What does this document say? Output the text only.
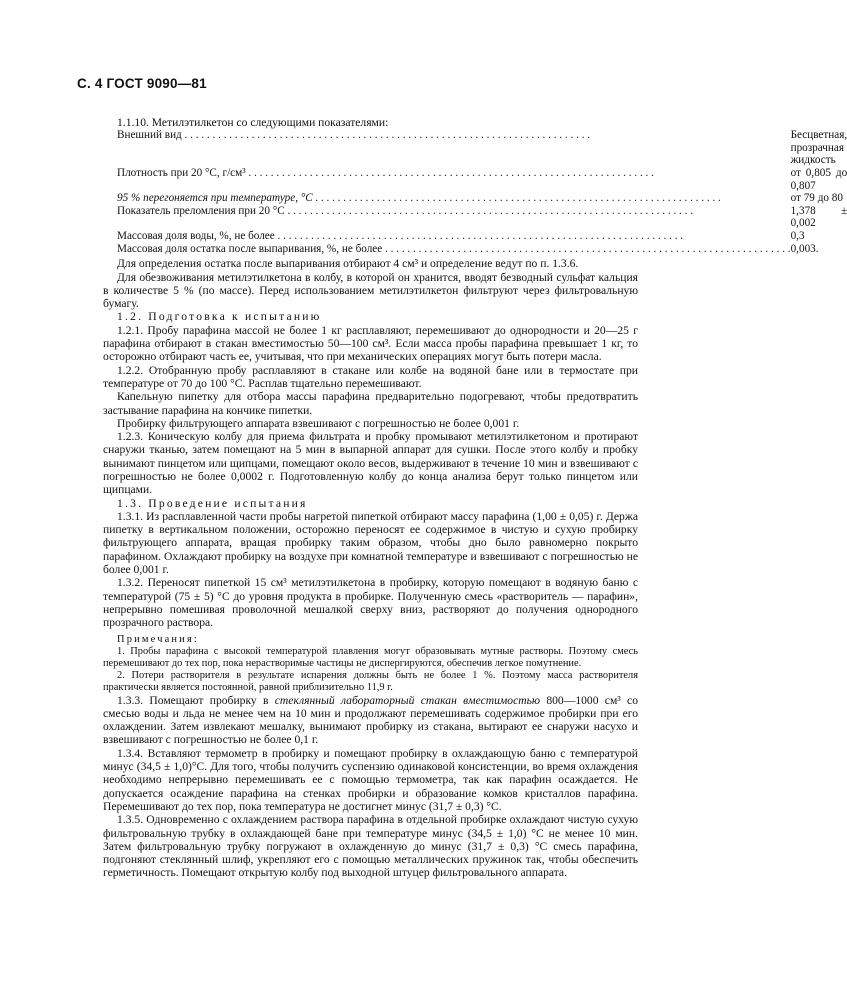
С. 4 ГОСТ 9090—81

1.1.10. Метилэтилкетон со следующими показателями:

Внешний вид . . .	Бесцветная, прозрачная жидкость
Плотность при 20 °С, г/см³ . . .	от 0,805 до 0,807
95 % перегоняется при температуре, °С . . .	от 79 до 80
Показатель преломления при 20 °С . . .	1,378 ± 0,002
Массовая доля воды, %, не более . . .	0,3
Массовая доля остатка после выпаривания, %, не более . . .	0,003.

Для определения остатка после выпаривания отбирают 4 см³ и определение ведут по п. 1.3.6.

Для обезвоживания метилэтилкетона в колбу, в которой он хранится, вводят безводный сульфат кальция в количестве 5 % (по массе). Перед использованием метилэтилкетон фильтруют через фильтровальную бумагу.

1.2. Подготовка к испытанию

1.2.1. Пробу парафина массой не более 1 кг расплавляют, перемешивают до однородности и 20—25 г парафина отбирают в стакан вместимостью 50—100 см³. Если масса пробы парафина превышает 1 кг, то осторожно отбирают часть ее, учитывая, что при механических операциях могут быть потери масла.

1.2.2. Отобранную пробу расплавляют в стакане или колбе на водяной бане или в термостате при температуре от 70 до 100 °С. Расплав тщательно перемешивают.

Капельную пипетку для отбора массы парафина предварительно подогревают, чтобы предотвратить застывание парафина на кончике пипетки.

Пробирку фильтрующего аппарата взвешивают с погрешностью не более 0,001 г.

1.2.3. Коническую колбу для приема фильтрата и пробку промывают метилэтилкетоном и протирают снаружи тканью, затем помещают на 5 мин в выпарной аппарат для сушки. После этого колбу и пробку вынимают пинцетом или щипцами, помещают около весов, выдерживают в течение 10 мин и взвешивают с погрешностью не более 0,0002 г. Подготовленную колбу до конца анализа берут только пинцетом или щипцами.

1.3. Проведение испытания

1.3.1. Из расплавленной части пробы нагретой пипеткой отбирают массу парафина (1,00 ± 0,05) г. Держа пипетку в вертикальном положении, осторожно переносят ее содержимое в чистую и сухую пробирку фильтрующего аппарата, вращая пробирку таким образом, чтобы дно было равномерно покрыто парафином. Охлаждают пробирку на воздухе при комнатной температуре и взвешивают с погрешностью не более 0,001 г.

1.3.2. Переносят пипеткой 15 см³ метилэтилкетона в пробирку, которую помещают в водяную баню с температурой (75 ± 5) °С до уровня продукта в пробирке. Полученную смесь «растворитель — парафин», непрерывно помешивая проволочной мешалкой сверху вниз, растворяют до получения однородного прозрачного раствора.

Примечания:

1. Пробы парафина с высокой температурой плавления могут образовывать мутные растворы. Поэтому смесь перемешивают до тех пор, пока нерастворимые частицы не диспергируются, обеспечив легкое помутнение.

2. Потери растворителя в результате испарения должны быть не более 1 %. Поэтому масса растворителя практически является постоянной, равной приблизительно 11,9 г.

1.3.3. Помещают пробирку в стеклянный лабораторный стакан вместимостью 800—1000 см³ со смесью воды и льда не менее чем на 10 мин и продолжают перемешивать содержимое пробирки при его охлаждении. Затем извлекают мешалку, вынимают пробирку из стакана, вытирают ее снаружи насухо и взвешивают с погрешностью не более 0,1 г.

1.3.4. Вставляют термометр в пробирку и помещают пробирку в охлаждающую баню с температурой минус (34,5 ± 1,0)°С. Для того, чтобы получить суспензию одинаковой консистенции, во время охлаждения необходимо непрерывно перемешивать ее с помощью термометра, так как парафин осаждается. Не допускается осаждение парафина на стенках пробирки и образование комков кристаллов парафина. Перемешивают до тех пор, пока температура не достигнет минус (31,7 ± 0,3) °С.

1.3.5. Одновременно с охлаждением раствора парафина в отдельной пробирке охлаждают чистую сухую фильтровальную трубку в охлаждающей бане при температуре минус (34,5 ± 1,0) °С не менее 10 мин. Затем фильтровальную трубку погружают в охлажденную до минус (31,7 ± 0,3) °С смесь парафина, подгоняют стеклянный шлиф, укрепляют его с помощью металлических пружинок так, чтобы обеспечить герметичность. Помещают открытую колбу под выходной штуцер фильтровального аппарата.
